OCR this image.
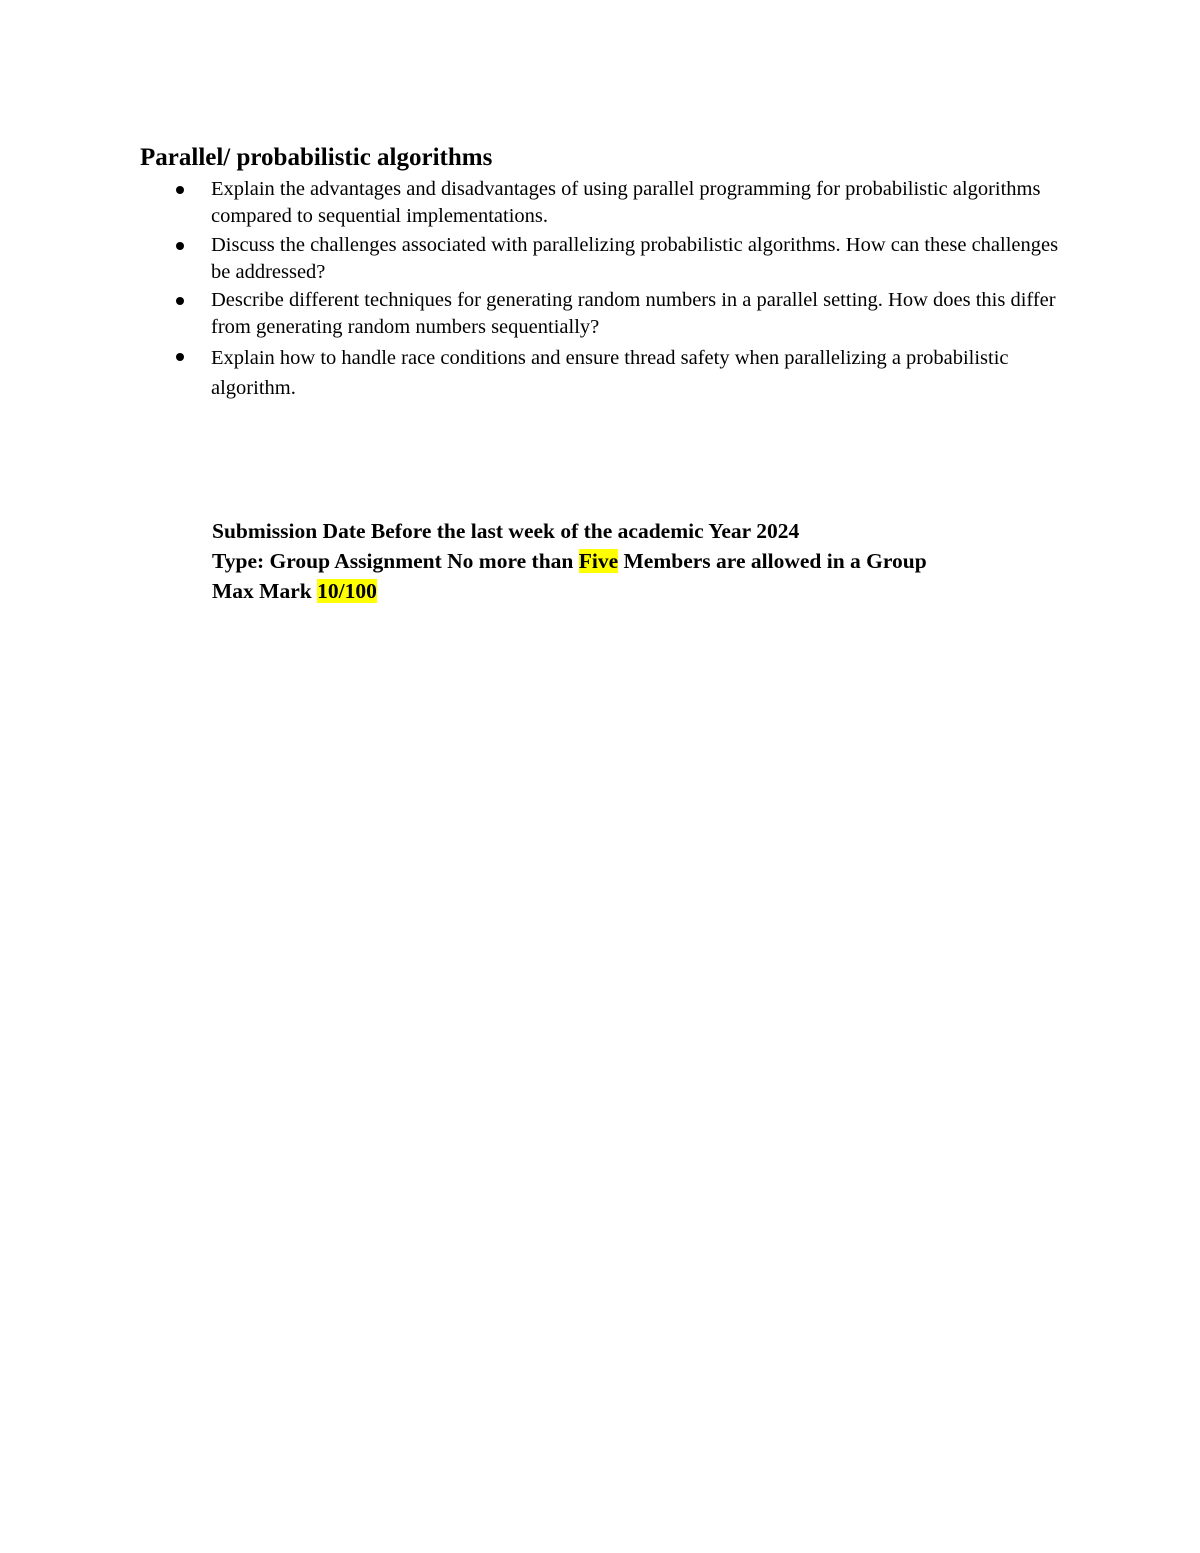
Parallel/ probabilistic algorithms
Explain the advantages and disadvantages of using parallel programming for probabilistic algorithms compared to sequential implementations.
Discuss the challenges associated with parallelizing probabilistic algorithms. How can these challenges be addressed?
Describe different techniques for generating random numbers in a parallel setting. How does this differ from generating random numbers sequentially?
Explain how to handle race conditions and ensure thread safety when parallelizing a probabilistic algorithm.
Submission Date Before the last week of the academic Year 2024
Type: Group Assignment No more than Five Members are allowed in a Group
Max Mark 10/100
